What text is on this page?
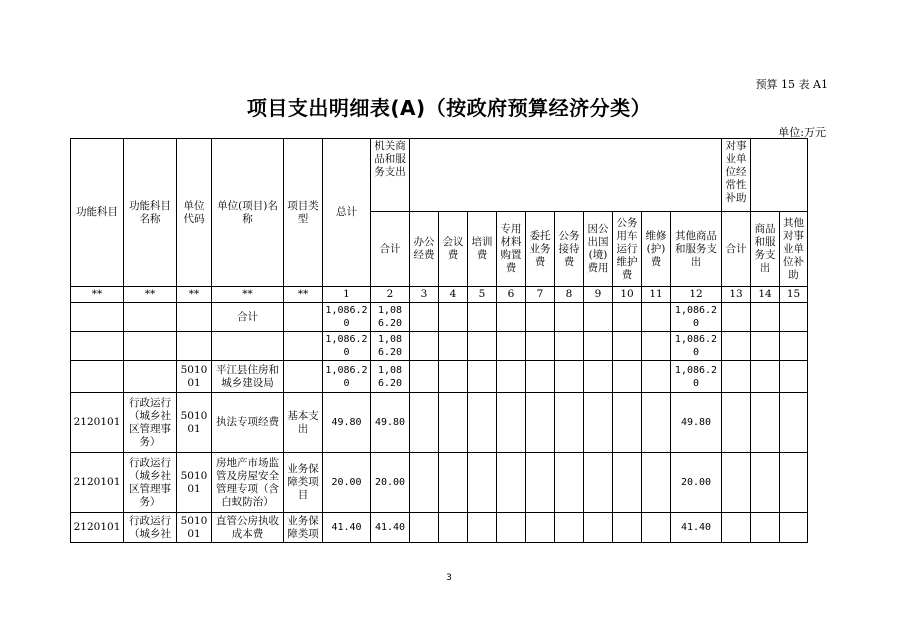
预算 15 表 A1
项目支出明细表(A)（按政府预算经济分类）
单位:万元
功能科目	功能科目名称	单位代码	单位(项目)名称	项目类型	总计	机关商品和服务支出											对事业单位经常性补助		
						合计	办公经费	会议费	培训费	专用材料购置费	委托业务费	公务接待费	因公出国(境)费用	公务用车运行维护费	维修(护)费	其他商品和服务支出	合计	商品和服务支出	其他对事业单位补助
**	**	**	**	**	1	2	3	4	5	6	7	8	9	10	11	12	13	14	15
			合计		1,086.20	1,086.20										1,086.20			
					1,086.20	1,086.20										1,086.20			
		501001	平江县住房和城乡建设局		1,086.20	1,086.20										1,086.20			
2120101	行政运行（城乡社区管理事务）	501001	执法专项经费	基本支出	49.80	49.80										49.80			
2120101	行政运行（城乡社区管理事务）	501001	房地产市场监管及房屋安全管理专项（含白蚁防治）	业务保障类项目	20.00	20.00										20.00			
2120101	行政运行（城乡社	501001	直管公房执收成本费	业务保障类项	41.40	41.40										41.40			
3
